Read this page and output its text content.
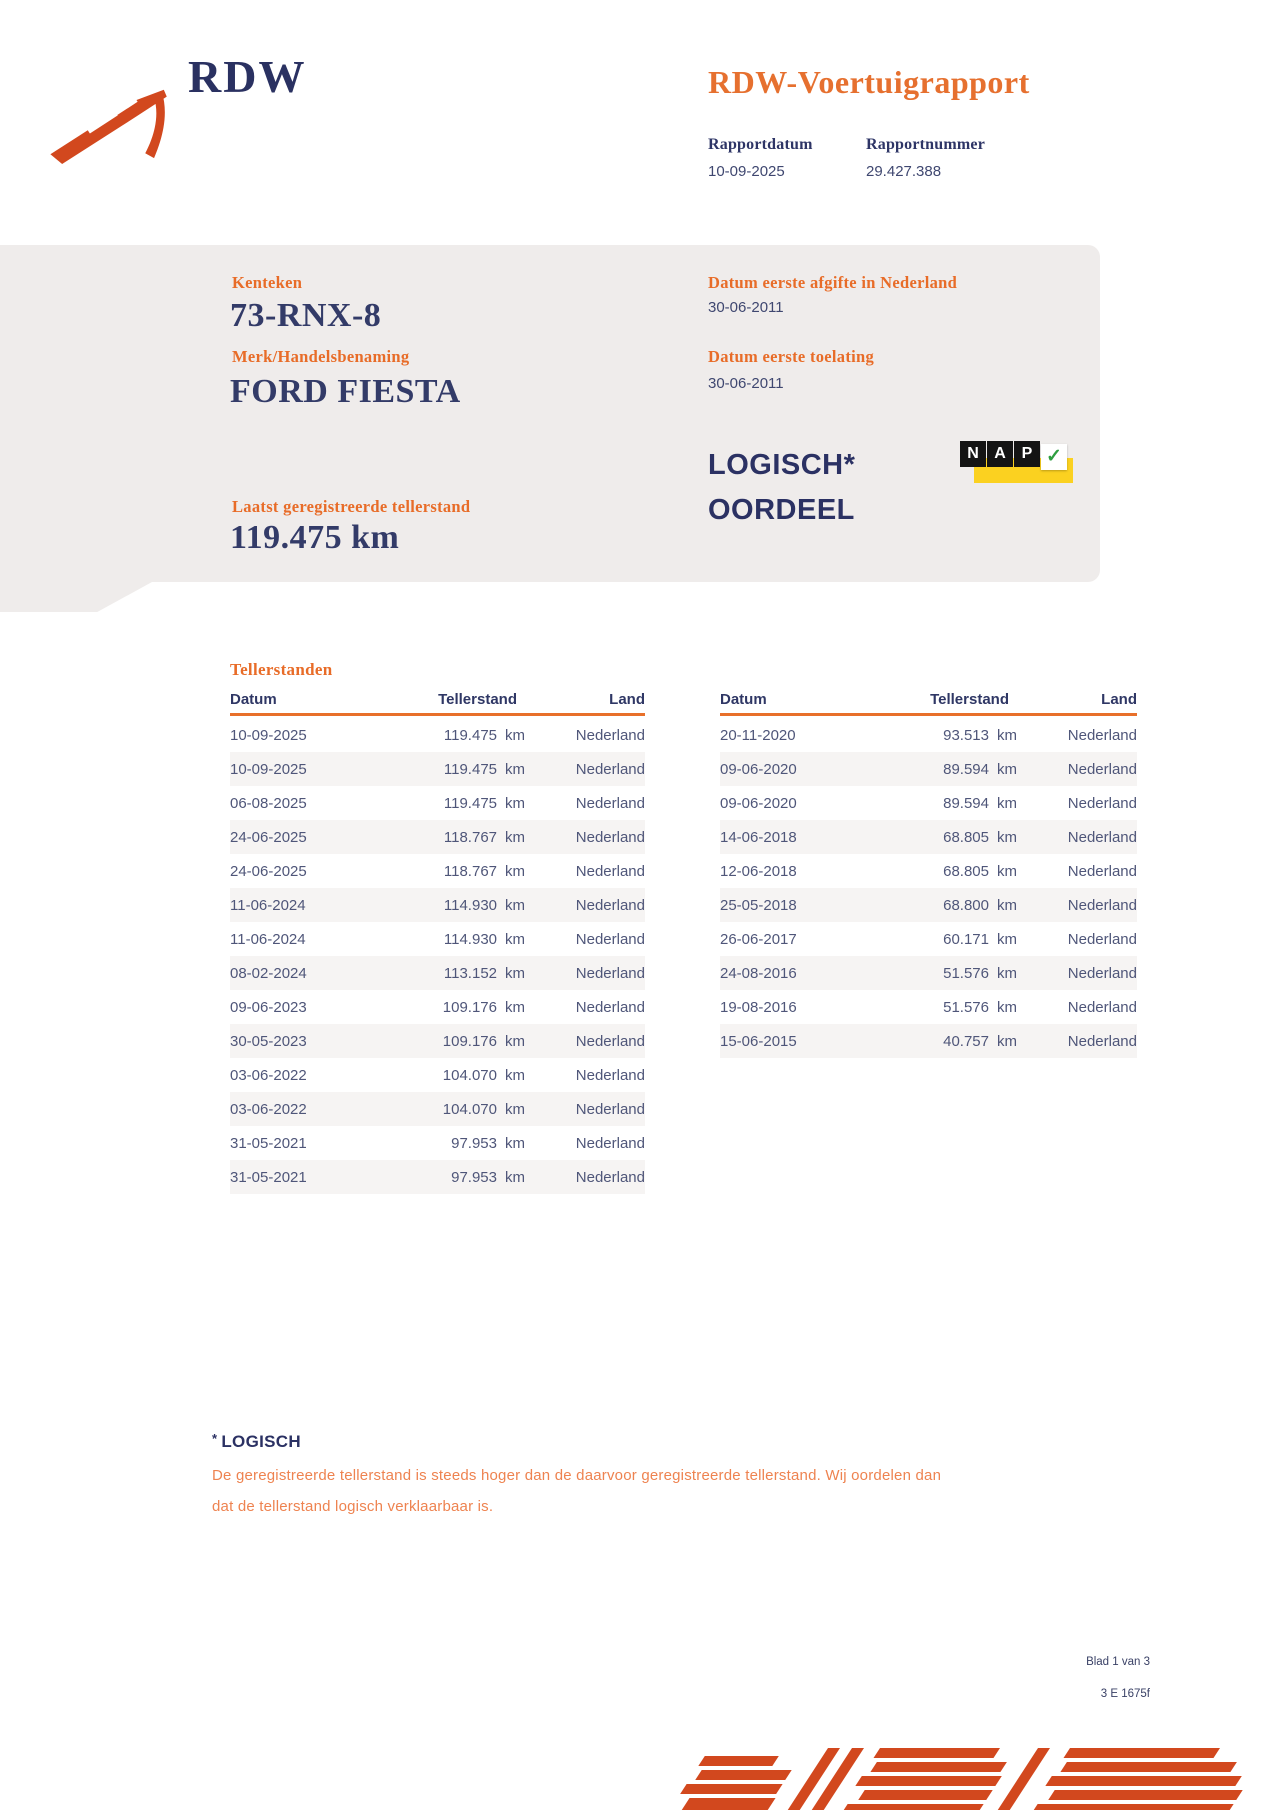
RDW	RDW-Voertuigrapport
Rapportdatum
10-09-2025
Rapportnummer
29.427.388
Kenteken
73-RNX-8
Merk/Handelsbenaming
FORD FIESTA
Datum eerste afgifte in Nederland
30-06-2011
Datum eerste toelating
30-06-2011
Laatst geregistreerde tellerstand
119.475 km
LOGISCH*
OORDEEL
N A P ✓
Tellerstanden
Datum	Tellerstand	Land
10-09-2025	119.475 km	Nederland
10-09-2025	119.475 km	Nederland
06-08-2025	119.475 km	Nederland
24-06-2025	118.767 km	Nederland
24-06-2025	118.767 km	Nederland
11-06-2024	114.930 km	Nederland
11-06-2024	114.930 km	Nederland
08-02-2024	113.152 km	Nederland
09-06-2023	109.176 km	Nederland
30-05-2023	109.176 km	Nederland
03-06-2022	104.070 km	Nederland
03-06-2022	104.070 km	Nederland
31-05-2021	97.953 km	Nederland
31-05-2021	97.953 km	Nederland
Datum	Tellerstand	Land
20-11-2020	93.513 km	Nederland
09-06-2020	89.594 km	Nederland
09-06-2020	89.594 km	Nederland
14-06-2018	68.805 km	Nederland
12-06-2018	68.805 km	Nederland
25-05-2018	68.800 km	Nederland
26-06-2017	60.171 km	Nederland
24-08-2016	51.576 km	Nederland
19-08-2016	51.576 km	Nederland
15-06-2015	40.757 km	Nederland
* LOGISCH
De geregistreerde tellerstand is steeds hoger dan de daarvoor geregistreerde tellerstand. Wij oordelen dan
dat de tellerstand logisch verklaarbaar is.
Blad 1 van 3
3 E 1675f
